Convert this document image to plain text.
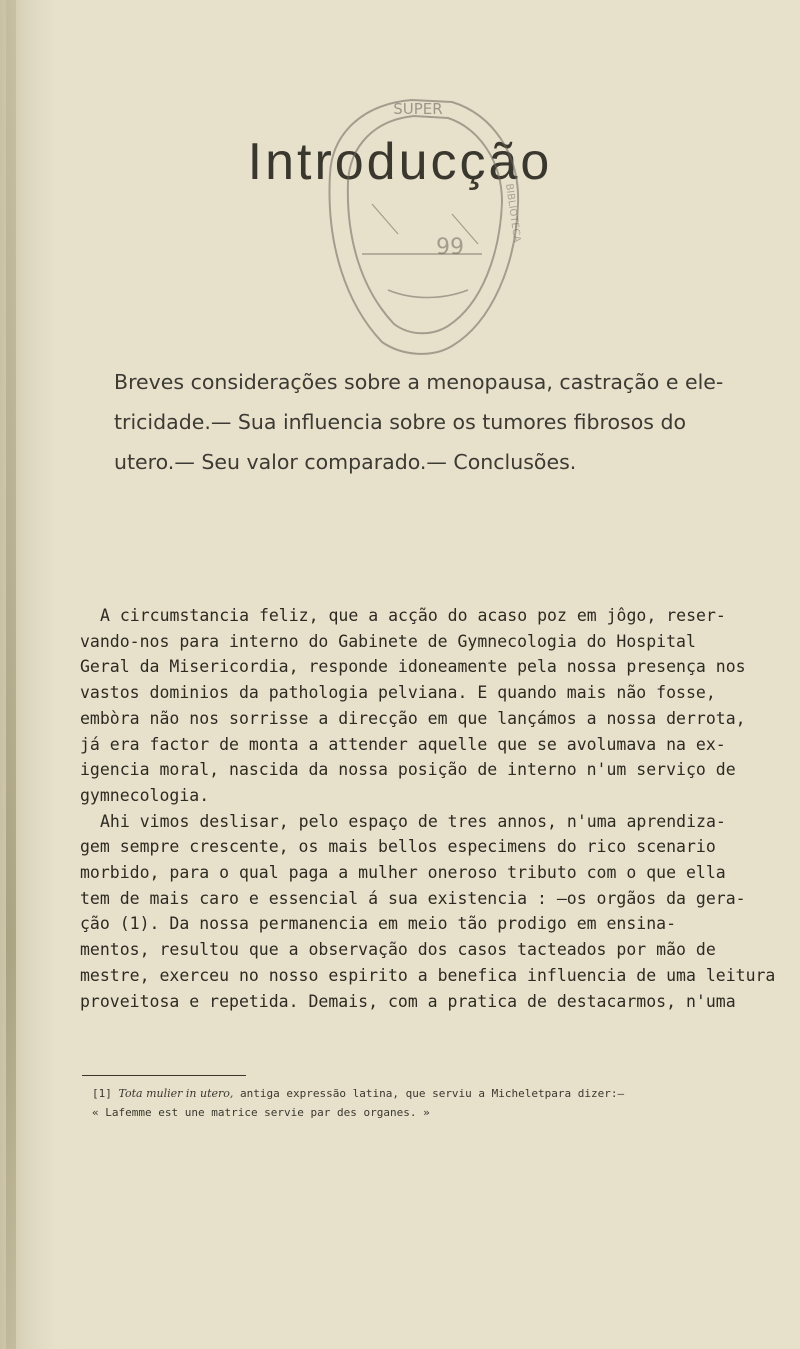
Introducção
SUPER
99
BIBLIOTECA

Breves considerações sobre a menopausa, castração e ele-

tricidade.— Sua influencia sobre os tumores fibrosos do

utero.— Seu valor comparado.— Conclusões.

A circumstancia feliz, que a acção do acaso poz em jôgo, reser-

vando-nos para interno do Gabinete de Gymnecologia do Hospital

Geral da Misericordia, responde idoneamente pela nossa presença nos

vastos dominios da pathologia pelviana. E quando mais não fosse,

embòra não nos sorrisse a direcção em que lançámos a nossa derrota,

já era factor de monta a attender aquelle que se avolumava na ex-

igencia moral, nascida da nossa posição de interno n'um serviço de

gymnecologia.

Ahi vimos deslisar, pelo espaço de tres annos, n'uma aprendiza-

gem sempre crescente, os mais bellos especimens do rico scenario

morbido, para o qual paga a mulher oneroso tributo com o que ella

tem de mais caro e essencial á sua existencia : —os orgãos da gera-

ção (1). Da nossa permanencia em meio tão prodigo em ensina-

mentos, resultou que a observação dos casos tacteados por mão de

mestre, exerceu no nosso espirito a benefica influencia de uma leitura

proveitosa e repetida. Demais, com a pratica de destacarmos, n'uma

[1] Tota mulier in utero, antiga expressão latina, que serviu a Micheletpara dizer:—

« Lafemme est une matrice servie par des organes. »
